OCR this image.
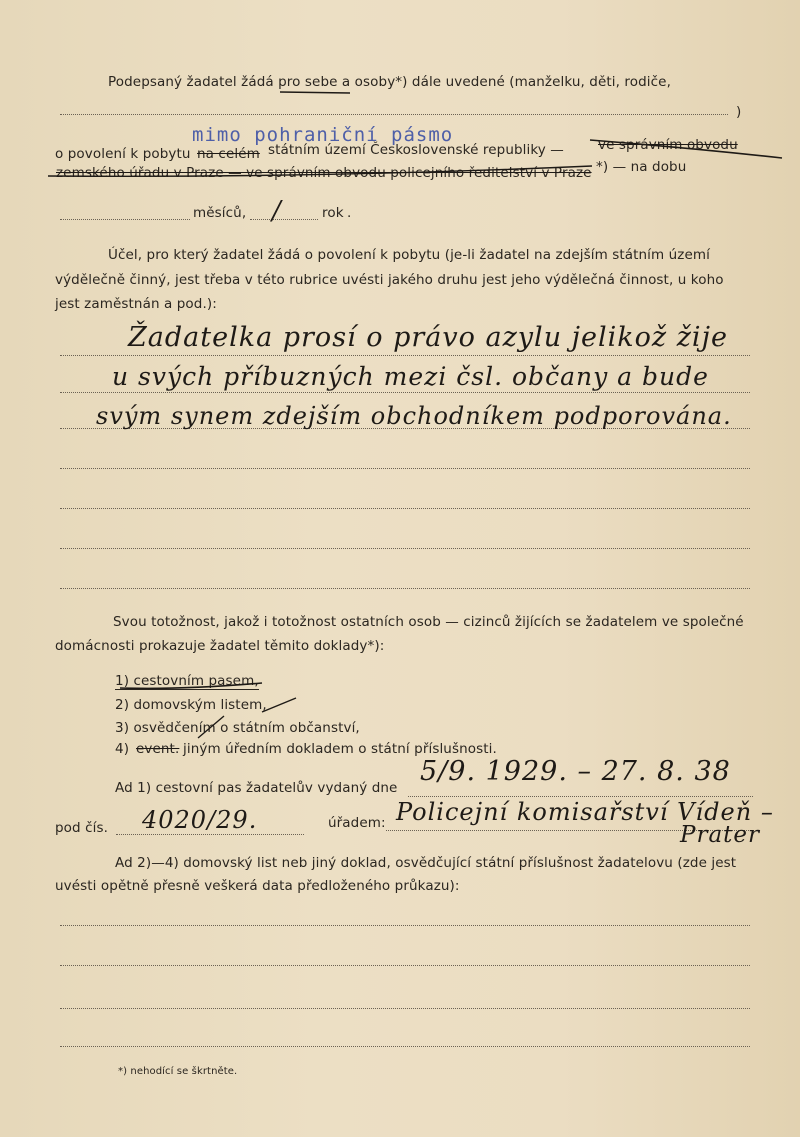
Podepsaný žadatel žádá pro sebe a osoby*) dále uvedené (manželku, děti, rodiče,
)
o povolení k pobytu na celém státním území Československé republiky —	ve správním obvodu
mimo pohraniční pásmo
zemského úřadu v Praze — ve správním obvodu policejního ředitelství v Praze *) — na dobu
měsíců, /	rok .
Účel, pro který žadatel žádá o povolení k pobytu (je-li žadatel na zdejším státním území
výdělečně činný, jest třeba v této rubrice uvésti jakého druhu jest jeho výdělečná činnost, u koho
jest zaměstnán a pod.):
Žadatelka prosí o právo azylu jelikož žije
u svých příbuzných mezi čsl. občany a bude
svým synem zdejším obchodníkem podporována.
Svou totožnost, jakož i totožnost ostatních osob — cizinců žijících se žadatelem ve společné
domácnosti prokazuje žadatel těmito doklady*):
1) cestovním pasem,
2) domovským listem,
3) osvědčením o státním občanství,
4) event. jiným úředním dokladem o státní příslušnosti.
Ad 1) cestovní pas žadatelův vydaný dne
5/9. 1929. – 27. 8. 38
pod čís. 4020/29.	úřadem: Policejní komisařství Vídeň –
Prater
Ad 2)—4) domovský list neb jiný doklad, osvědčující státní příslušnost žadatelovu (zde jest
uvésti opětně přesně veškerá data předloženého průkazu):
*) nehodící se škrtněte.
